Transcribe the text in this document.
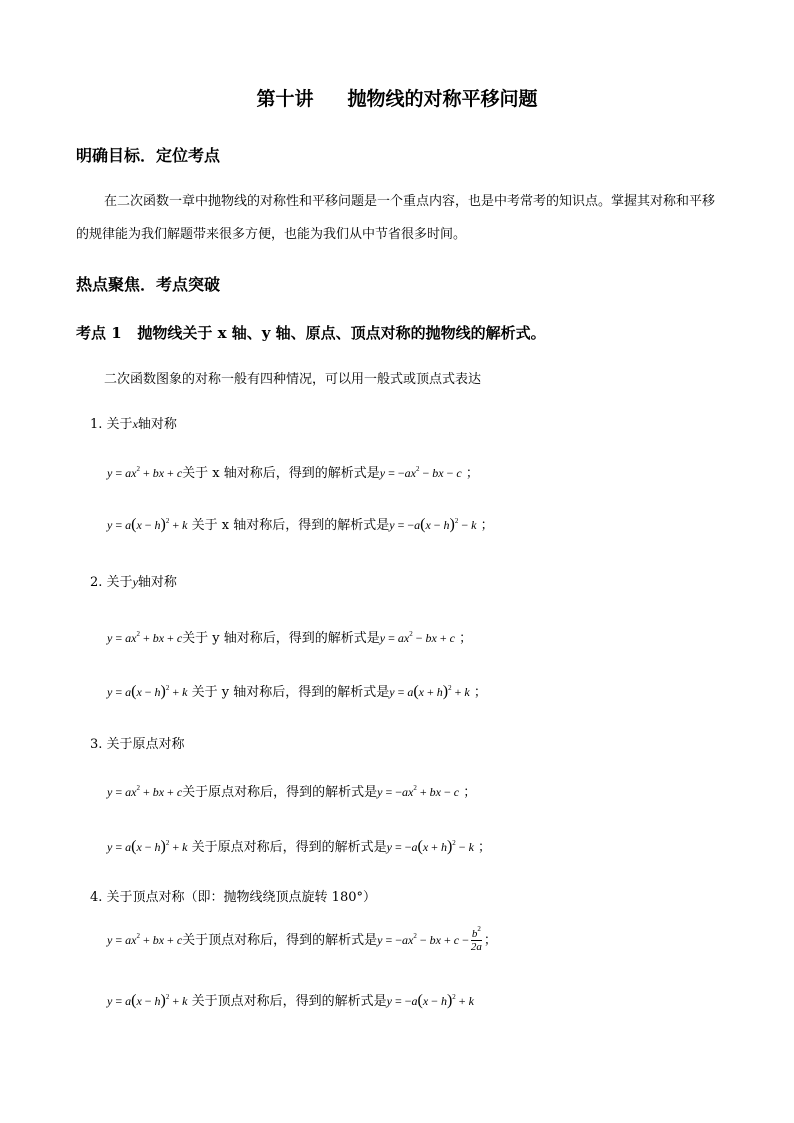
第十讲 抛物线的对称平移问题
明确目标．定位考点
在二次函数一章中抛物线的对称性和平移问题是一个重点内容，也是中考常考的知识点。掌握其对称和平移的规律能为我们解题带来很多方便，也能为我们从中节省很多时间。
热点聚焦．考点突破
考点 1 抛物线关于 x 轴、y 轴、原点、顶点对称的抛物线的解析式。
二次函数图象的对称一般有四种情况，可以用一般式或顶点式表达
1. 关于x轴对称
$y = ax^2$ + bx + c关于 x 轴对称后，得到的解析式是$y = -ax^2$ − bx − c ；
$y = a(x - h)^2 + k$ 关于 x 轴对称后，得到的解析式是$y = -a(x - h)^2 - k$ ；
2. 关于y轴对称
$y = ax^2$ + bx + c关于 y 轴对称后，得到的解析式是$y = ax^2$ − bx + c ；
$y = a(x - h)^2 + k$ 关于 y 轴对称后，得到的解析式是$y = a(x + h)^2 + k$ ；
3. 关于原点对称
$y = ax^2$ + bx + c关于原点对称后，得到的解析式是$y = -ax^2$ + bx − c ；
$y = a(x - h)^2 + k$ 关于原点对称后，得到的解析式是$y = -a(x + h)^2 - k$ ；
4. 关于顶点对称（即：抛物线绕顶点旋转 180°）
$y = ax^2$ + bx + c关于顶点对称后，得到的解析式是$y = -ax^2$ − bx + $c - \frac{b^2}{2a}$ ；
$y = a(x - h)^2 + k$ 关于顶点对称后，得到的解析式是$y = -a(x - h)^2 + k$
